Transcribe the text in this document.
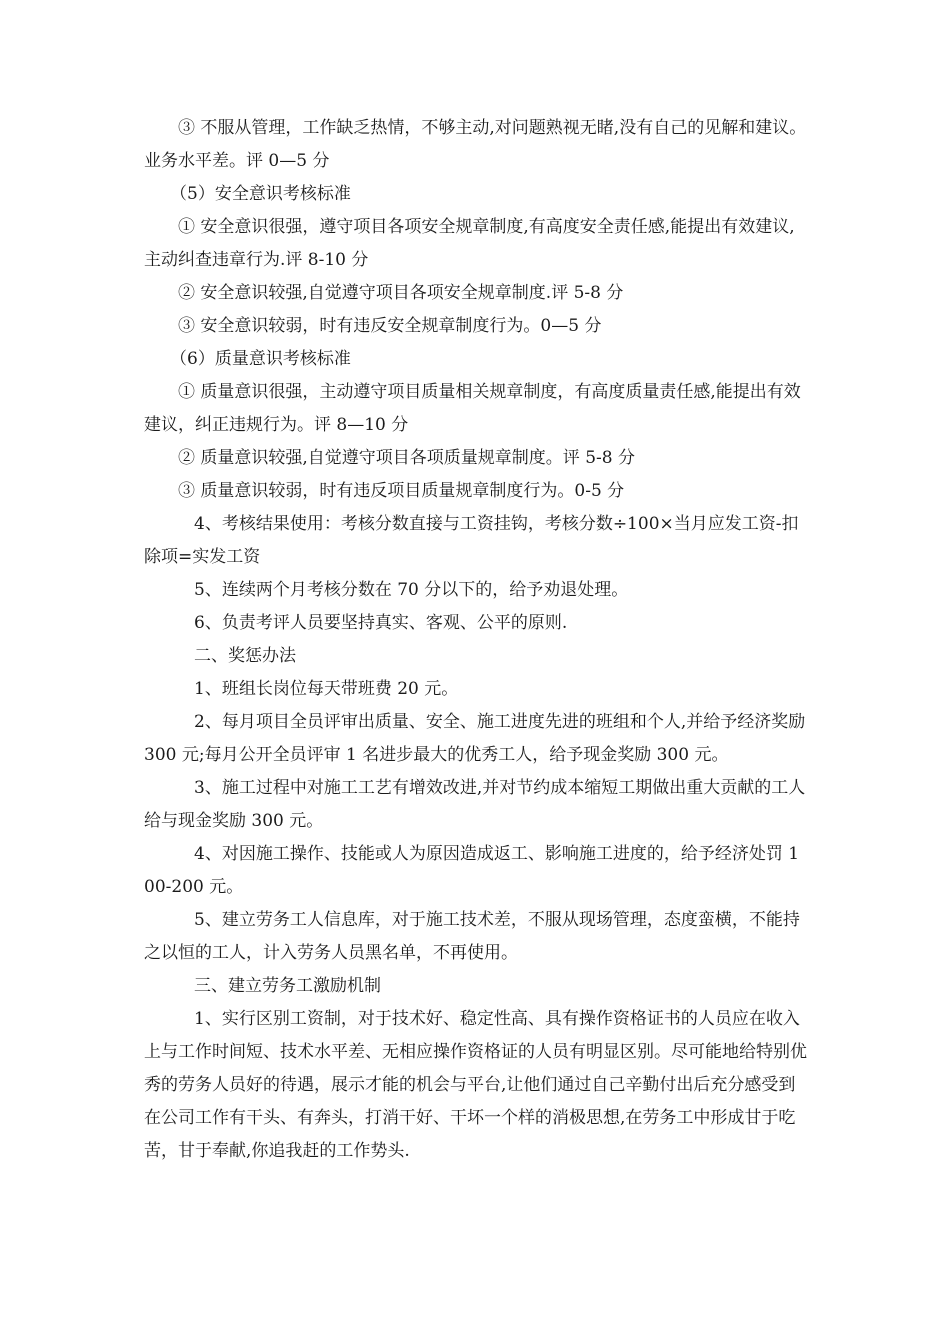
③ 不服从管理，工作缺乏热情，不够主动,对问题熟视无睹,没有自己的见解和建议。业务水平差。评 0—5 分

（5）安全意识考核标准

① 安全意识很强，遵守项目各项安全规章制度,有高度安全责任感,能提出有效建议,主动纠查违章行为.评 8-10 分

② 安全意识较强,自觉遵守项目各项安全规章制度.评 5-8 分

③ 安全意识较弱，时有违反安全规章制度行为。0—5 分

（6）质量意识考核标准

① 质量意识很强，主动遵守项目质量相关规章制度，有高度质量责任感,能提出有效建议，纠正违规行为。评 8—10 分

② 质量意识较强,自觉遵守项目各项质量规章制度。评 5-8 分

③ 质量意识较弱，时有违反项目质量规章制度行为。0-5 分

4、考核结果使用：考核分数直接与工资挂钩，考核分数÷100×当月应发工资-扣除项=实发工资

5、连续两个月考核分数在 70 分以下的，给予劝退处理。

6、负责考评人员要坚持真实、客观、公平的原则.

二、奖惩办法

1、班组长岗位每天带班费 20 元。

2、每月项目全员评审出质量、安全、施工进度先进的班组和个人,并给予经济奖励 300 元;每月公开全员评审 1 名进步最大的优秀工人，给予现金奖励 300 元。

3、施工过程中对施工工艺有增效改进,并对节约成本缩短工期做出重大贡献的工人给与现金奖励 300 元。

4、对因施工操作、技能或人为原因造成返工、影响施工进度的，给予经济处罚 100-200 元。

5、建立劳务工人信息库，对于施工技术差，不服从现场管理，态度蛮横，不能持之以恒的工人，计入劳务人员黑名单，不再使用。

三、建立劳务工激励机制

1、实行区别工资制，对于技术好、稳定性高、具有操作资格证书的人员应在收入上与工作时间短、技术水平差、无相应操作资格证的人员有明显区别。尽可能地给特别优秀的劳务人员好的待遇，展示才能的机会与平台,让他们通过自己辛勤付出后充分感受到在公司工作有干头、有奔头，打消干好、干坏一个样的消极思想,在劳务工中形成甘于吃苦，甘于奉献,你追我赶的工作势头.
